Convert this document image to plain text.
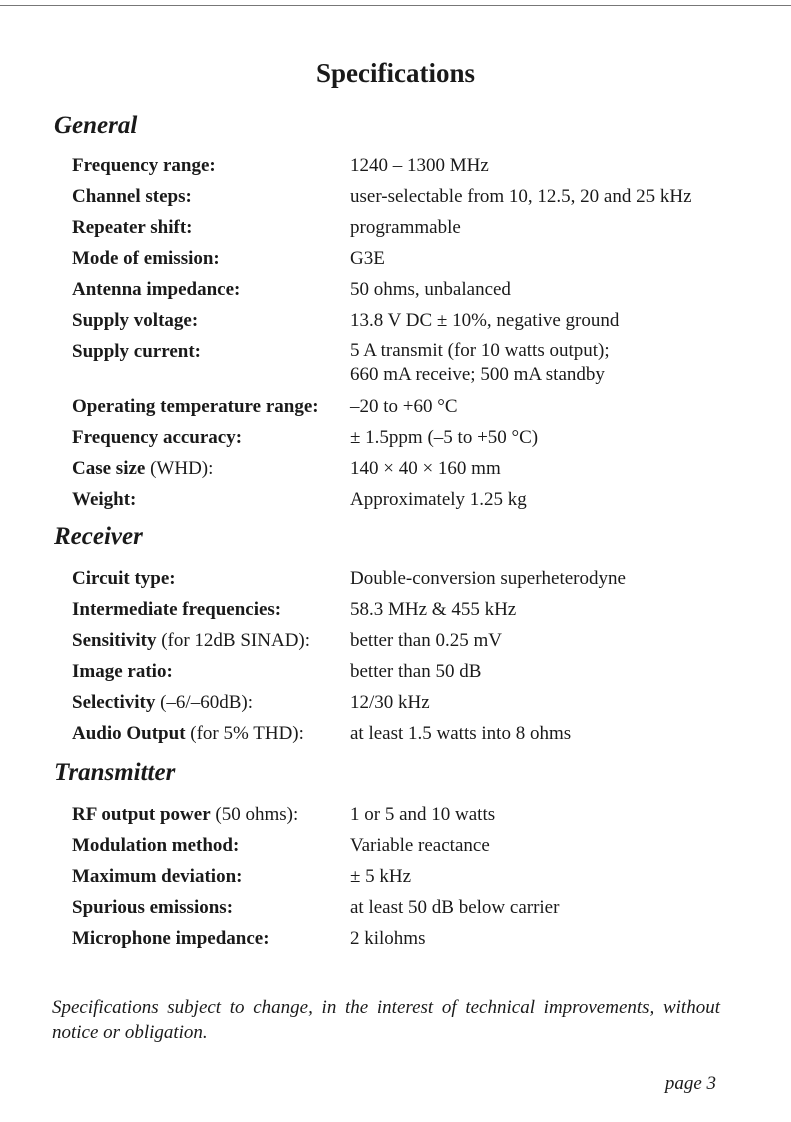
Specifications
General
Frequency range:	1240 – 1300 MHz
Channel steps:	user-selectable from 10, 12.5, 20 and 25 kHz
Repeater shift:	programmable
Mode of emission:	G3E
Antenna impedance:	50 ohms, unbalanced
Supply voltage:	13.8 V DC ± 10%, negative ground
Supply current:	5 A transmit (for 10 watts output);
660 mA receive; 500 mA standby
Operating temperature range: –20 to +60 °C
Frequency accuracy:	± 1.5ppm (–5 to +50 °C)
Case size (WHD):	140 × 40 × 160 mm
Weight:	Approximately 1.25 kg
Receiver
Circuit type:	Double-conversion superheterodyne
Intermediate frequencies:	58.3 MHz & 455 kHz
Sensitivity (for 12dB SINAD): better than 0.25 mV
Image ratio:	better than 50 dB
Selectivity (–6/–60dB):	12/30 kHz
Audio Output (for 5% THD): at least 1.5 watts into 8 ohms
Transmitter
RF output power (50 ohms):	1 or 5 and 10 watts
Modulation method:	Variable reactance
Maximum deviation:	± 5 kHz
Spurious emissions:	at least 50 dB below carrier
Microphone impedance:	2 kilohms
Specifications subject to change, in the interest of technical improvements, without notice or obligation.
page 3
